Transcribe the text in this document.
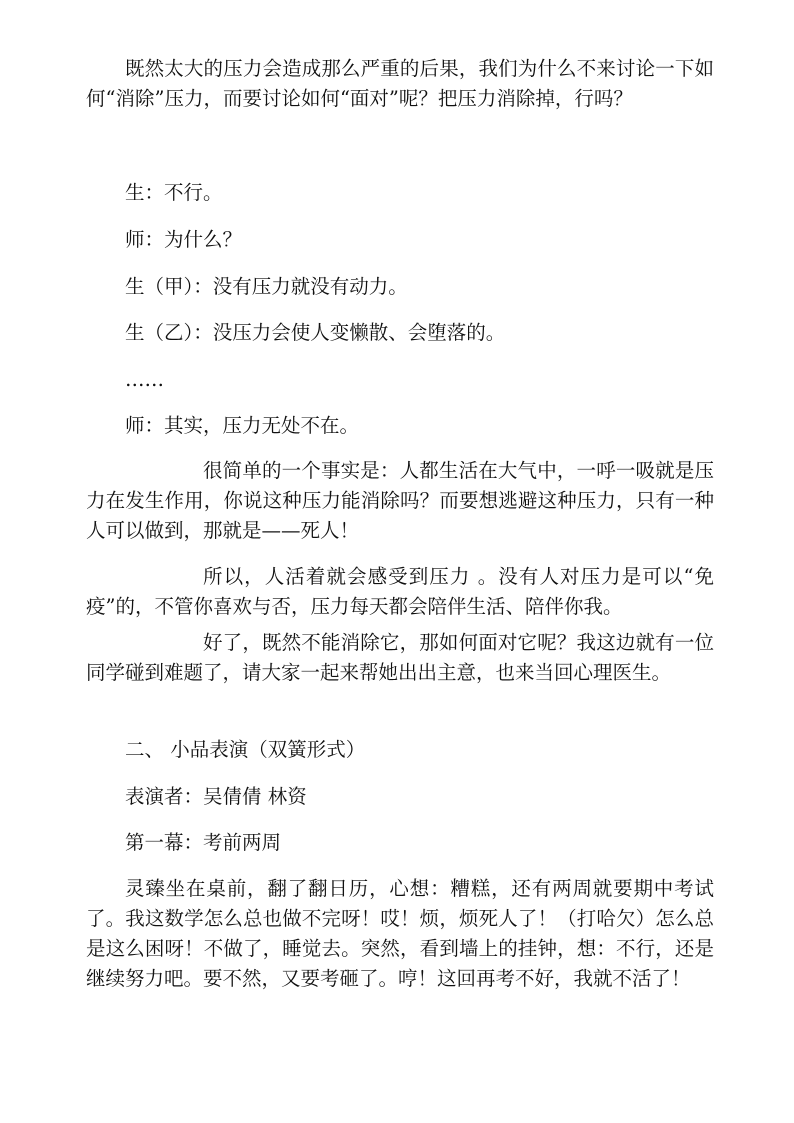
既然太大的压力会造成那么严重的后果，我们为什么不来讨论一下如何“消除”压力，而要讨论如何“面对”呢？把压力消除掉，行吗？

生：不行。

师：为什么？

生（甲）：没有压力就没有动力。

生（乙）：没压力会使人变懒散、会堕落的。

……

师：其实，压力无处不在。

很简单的一个事实是：人都生活在大气中，一呼一吸就是压力在发生作用，你说这种压力能消除吗？而要想逃避这种压力，只有一种人可以做到，那就是——死人！

所以，人活着就会感受到压力 。没有人对压力是可以“免疫”的，不管你喜欢与否，压力每天都会陪伴生活、陪伴你我。

好了，既然不能消除它，那如何面对它呢？我这边就有一位同学碰到难题了，请大家一起来帮她出出主意，也来当回心理医生。

二、 小品表演（双簧形式）

表演者：吴倩倩 林资

第一幕：考前两周

灵臻坐在桌前，翻了翻日历，心想：糟糕，还有两周就要期中考试了。我这数学怎么总也做不完呀！哎！烦，烦死人了！（打哈欠）怎么总是这么困呀！不做了，睡觉去。突然，看到墙上的挂钟，想：不行，还是继续努力吧。要不然，又要考砸了。哼！这回再考不好，我就不活了！
